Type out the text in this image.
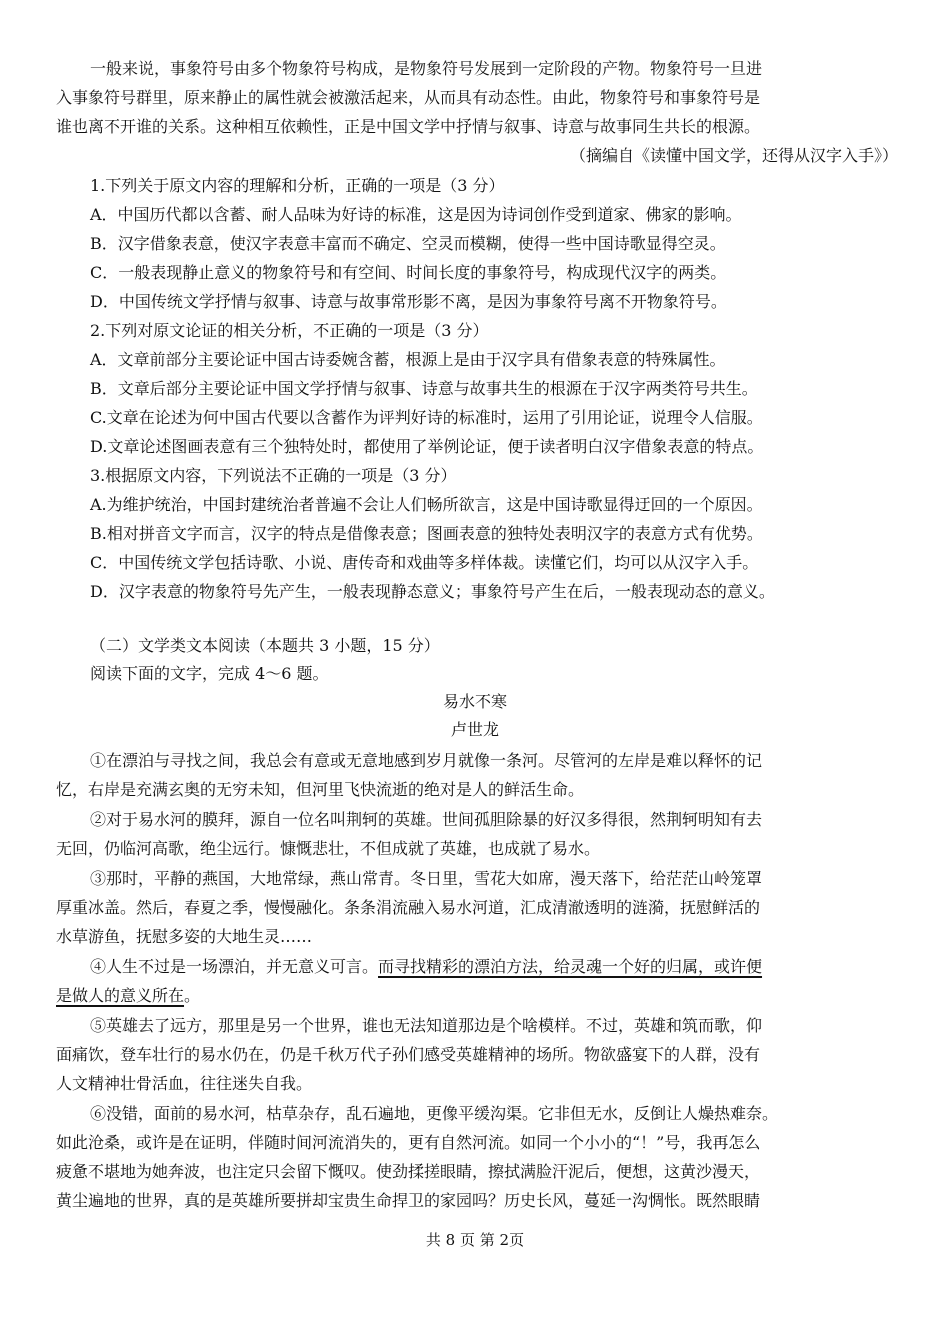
一般来说，事象符号由多个物象符号构成，是物象符号发展到一定阶段的产物。物象符号一旦进
入事象符号群里，原来静止的属性就会被激活起来，从而具有动态性。由此，物象符号和事象符号是
谁也离不开谁的关系。这种相互依赖性，正是中国文学中抒情与叙事、诗意与故事同生共长的根源。
（摘编自《读懂中国文学，还得从汉字入手》）
1.下列关于原文内容的理解和分析，正确的一项是（3 分）
A．中国历代都以含蓄、耐人品味为好诗的标准，这是因为诗词创作受到道家、佛家的影响。
B．汉字借象表意，使汉字表意丰富而不确定、空灵而模糊，使得一些中国诗歌显得空灵。
C．一般表现静止意义的物象符号和有空间、时间长度的事象符号，构成现代汉字的两类。
D．中国传统文学抒情与叙事、诗意与故事常形影不离，是因为事象符号离不开物象符号。
2.下列对原文论证的相关分析，不正确的一项是（3 分）
A．文章前部分主要论证中国古诗委婉含蓄，根源上是由于汉字具有借象表意的特殊属性。
B．文章后部分主要论证中国文学抒情与叙事、诗意与故事共生的根源在于汉字两类符号共生。
C.文章在论述为何中国古代要以含蓄作为评判好诗的标准时，运用了引用论证，说理令人信服。
D.文章论述图画表意有三个独特处时，都使用了举例论证，便于读者明白汉字借象表意的特点。
3.根据原文内容，下列说法不正确的一项是（3 分）
A.为维护统治，中国封建统治者普遍不会让人们畅所欲言，这是中国诗歌显得迂回的一个原因。
B.相对拼音文字而言，汉字的特点是借像表意；图画表意的独特处表明汉字的表意方式有优势。
C．中国传统文学包括诗歌、小说、唐传奇和戏曲等多样体裁。读懂它们，均可以从汉字入手。
D．汉字表意的物象符号先产生，一般表现静态意义；事象符号产生在后，一般表现动态的意义。
（二）文学类文本阅读（本题共 3 小题，15 分）
阅读下面的文字，完成 4～6 题。
易水不寒
卢世龙
①在漂泊与寻找之间，我总会有意或无意地感到岁月就像一条河。尽管河的左岸是难以释怀的记
忆，右岸是充满玄奥的无穷未知，但河里飞快流逝的绝对是人的鲜活生命。
②对于易水河的膜拜，源自一位名叫荆轲的英雄。世间孤胆除暴的好汉多得很，然荆轲明知有去
无回，仍临河高歌，绝尘远行。慷慨悲壮，不但成就了英雄，也成就了易水。
③那时，平静的燕国，大地常绿，燕山常青。冬日里，雪花大如席，漫天落下，给茫茫山岭笼罩
厚重冰盖。然后，春夏之季，慢慢融化。条条涓流融入易水河道，汇成清澈透明的涟漪，抚慰鲜活的
水草游鱼，抚慰多姿的大地生灵……
④人生不过是一场漂泊，并无意义可言。而寻找精彩的漂泊方法，给灵魂一个好的归属，或许便
是做人的意义所在。
⑤英雄去了远方，那里是另一个世界，谁也无法知道那边是个啥模样。不过，英雄和筑而歌，仰
面痛饮，登车壮行的易水仍在，仍是千秋万代子孙们感受英雄精神的场所。物欲盛宴下的人群，没有
人文精神壮骨活血，往往迷失自我。
⑥没错，面前的易水河，枯草杂存，乱石遍地，更像平缓沟渠。它非但无水，反倒让人燥热难奈。
如此沧桑，或许是在证明，伴随时间河流消失的，更有自然河流。如同一个小小的“！”号，我再怎么
疲惫不堪地为她奔波，也注定只会留下慨叹。使劲揉搓眼睛，擦拭满脸汗泥后，便想，这黄沙漫天，
黄尘遍地的世界，真的是英雄所要拼却宝贵生命捍卫的家园吗？历史长风，蔓延一沟惆怅。既然眼睛
共 8 页 第 2页
